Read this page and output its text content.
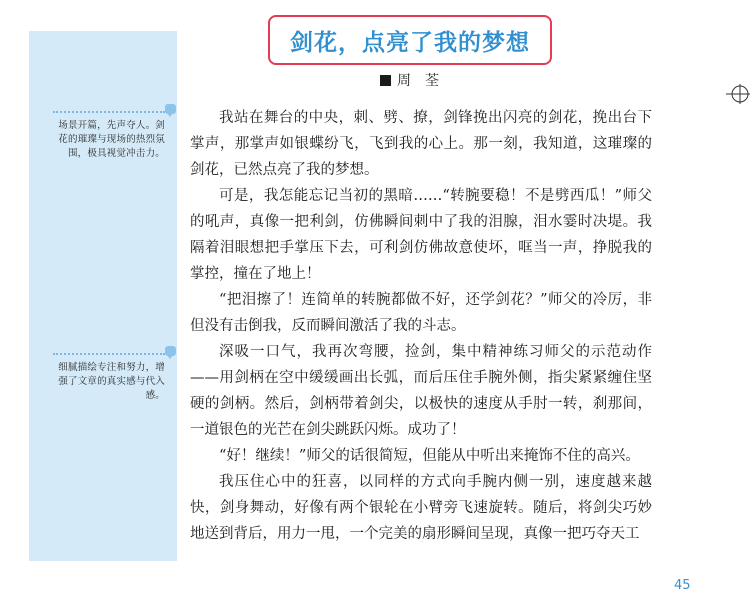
场景开篇，先声夺人。剑花的璀璨与现场的热烈氛围，极具视觉冲击力。
细腻描绘专注和努力，增强了文章的真实感与代入感。
剑花，点亮了我的梦想
周　荃

我站在舞台的中央，刺、劈、撩，剑锋挽出闪亮的剑花，挽出台下掌声，那掌声如银蝶纷飞，飞到我的心上。那一刻，我知道，这璀璨的剑花，已然点亮了我的梦想。

可是，我怎能忘记当初的黑暗……“转腕要稳！不是劈西瓜！”师父的吼声，真像一把利剑，仿佛瞬间刺中了我的泪腺，泪水霎时决堤。我隔着泪眼想把手掌压下去，可利剑仿佛故意使坏，哐当一声，挣脱我的掌控，撞在了地上！

“把泪擦了！连简单的转腕都做不好，还学剑花？”师父的冷厉，非但没有击倒我，反而瞬间激活了我的斗志。

深吸一口气，我再次弯腰，捡剑，集中精神练习师父的示范动作——用剑柄在空中缓缓画出长弧，而后压住手腕外侧，指尖紧紧缠住坚硬的剑柄。然后，剑柄带着剑尖，以极快的速度从手肘一转，刹那间，一道银色的光芒在剑尖跳跃闪烁。成功了！

“好！继续！”师父的话很简短，但能从中听出来掩饰不住的高兴。

我压住心中的狂喜，以同样的方式向手腕内侧一别，速度越来越快，剑身舞动，好像有两个银轮在小臂旁飞速旋转。随后，将剑尖巧妙地送到背后，用力一甩，一个完美的扇形瞬间呈现，真像一把巧夺天工

45
